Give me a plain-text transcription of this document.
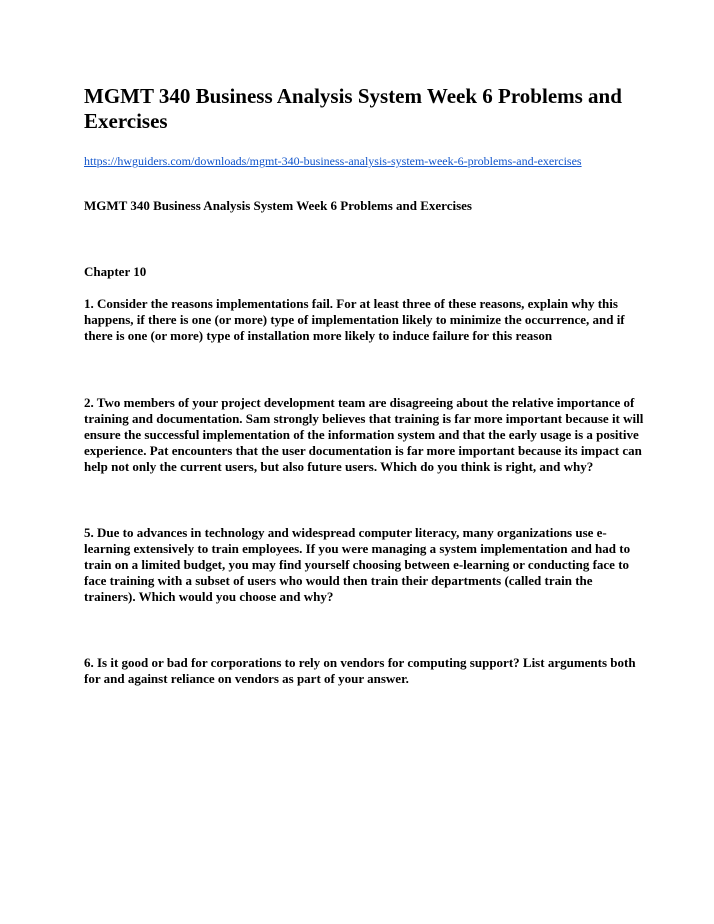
MGMT 340 Business Analysis System Week 6 Problems and Exercises
https://hwguiders.com/downloads/mgmt-340-business-analysis-system-week-6-problems-and-exercises
MGMT 340 Business Analysis System Week 6 Problems and Exercises
Chapter 10
1. Consider the reasons implementations fail. For at least three of these reasons, explain why this happens, if there is one (or more) type of implementation likely to minimize the occurrence, and if there is one (or more) type of installation more likely to induce failure for this reason
2. Two members of your project development team are disagreeing about the relative importance of training and documentation. Sam strongly believes that training is far more important because it will ensure the successful implementation of the information system and that the early usage is a positive experience. Pat encounters that the user documentation is far more important because its impact can help not only the current users, but also future users. Which do you think is right, and why?
5. Due to advances in technology and widespread computer literacy, many organizations use e-learning extensively to train employees. If you were managing a system implementation and had to train on a limited budget, you may find yourself choosing between e-learning or conducting face to face training with a subset of users who would then train their departments (called train the trainers). Which would you choose and why?
6. Is it good or bad for corporations to rely on vendors for computing support? List arguments both for and against reliance on vendors as part of your answer.
